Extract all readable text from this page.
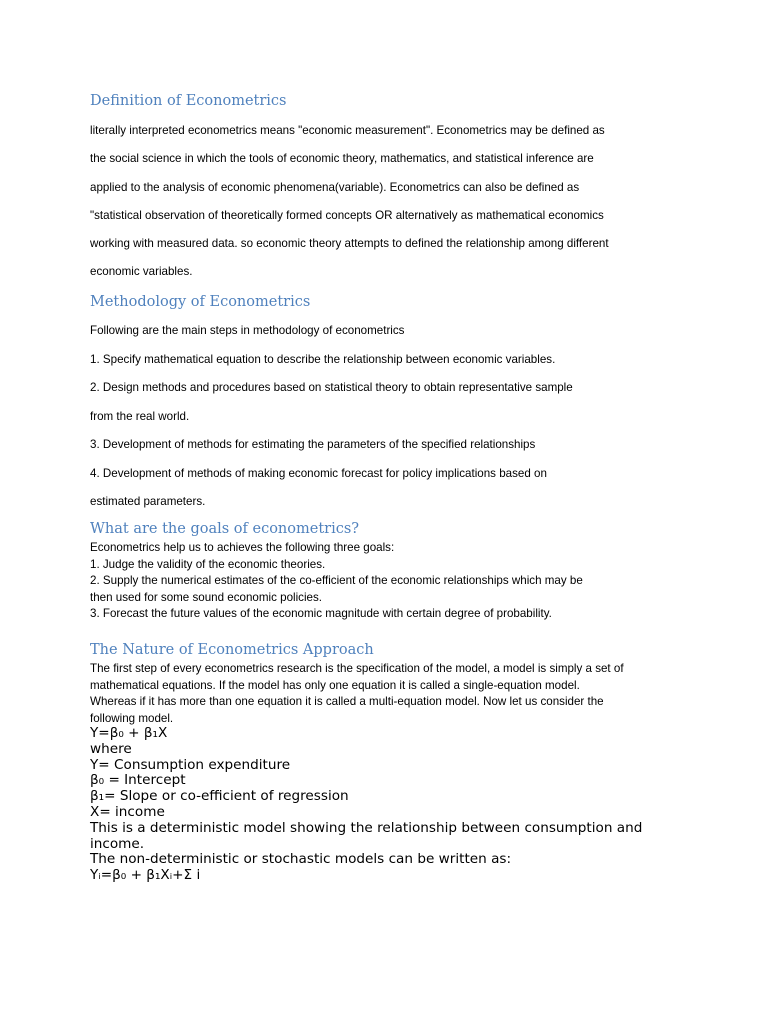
Definition of Econometrics
literally interpreted econometrics means "economic measurement". Econometrics may be defined as
the social science in which the tools of economic theory, mathematics, and statistical inference are
applied to the analysis of economic phenomena(variable). Econometrics can also be defined as
"statistical observation of theoretically formed concepts OR alternatively as mathematical economics
working with measured data. so economic theory attempts to defined the relationship among different
economic variables.
Methodology of Econometrics
Following are the main steps in methodology of econometrics
1. Specify mathematical equation to describe the relationship between economic variables.
2. Design methods and procedures based on statistical theory to obtain representative sample
from the real world.
3. Development of methods for estimating the parameters of the specified relationships
4. Development of methods of making economic forecast for policy implications based on
estimated parameters.
What are the goals of econometrics?
Econometrics help us to achieves the following three goals:
1. Judge the validity of the economic theories.
2. Supply the numerical estimates of the co-efficient of the economic relationships which may be
then used for some sound economic policies.
3. Forecast the future values of the economic magnitude with certain degree of probability.
The Nature of Econometrics Approach
The first step of every econometrics research is the specification of the model, a model is simply a set of
mathematical equations. If the model has only one equation it is called a single-equation model.
Whereas if it has more than one equation it is called a multi-equation model. Now let us consider the
following model.
Y=β₀ + β₁X
where
Y= Consumption expenditure
β₀ = Intercept
β₁= Slope or co-efficient of regression
X= income
This is a deterministic model showing the relationship between consumption and income.
The non-deterministic or stochastic models can be written as:
Yᵢ=β₀ + β₁Xᵢ+Ʃ i
